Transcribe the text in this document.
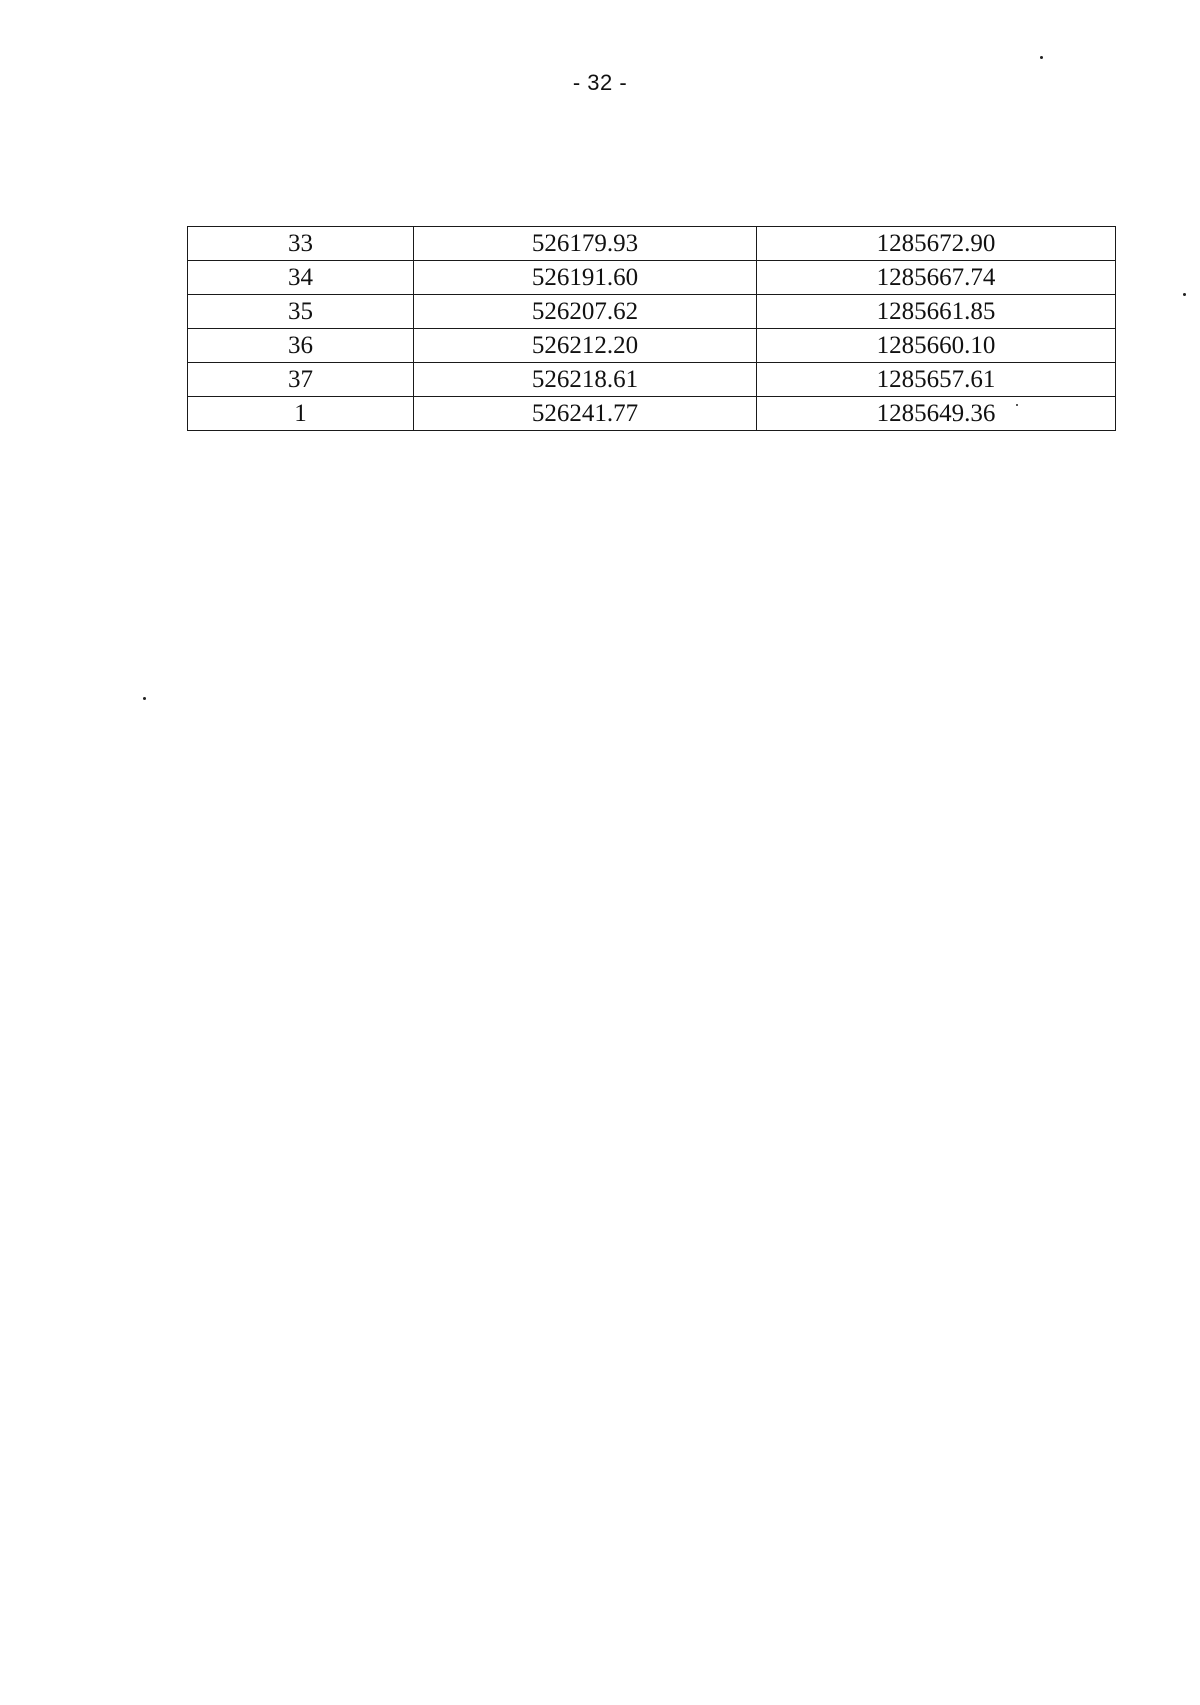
- 32 -
33	526179.93	1285672.90
34	526191.60	1285667.74
35	526207.62	1285661.85
36	526212.20	1285660.10
37	526218.61	1285657.61
1	526241.77	1285649.36
